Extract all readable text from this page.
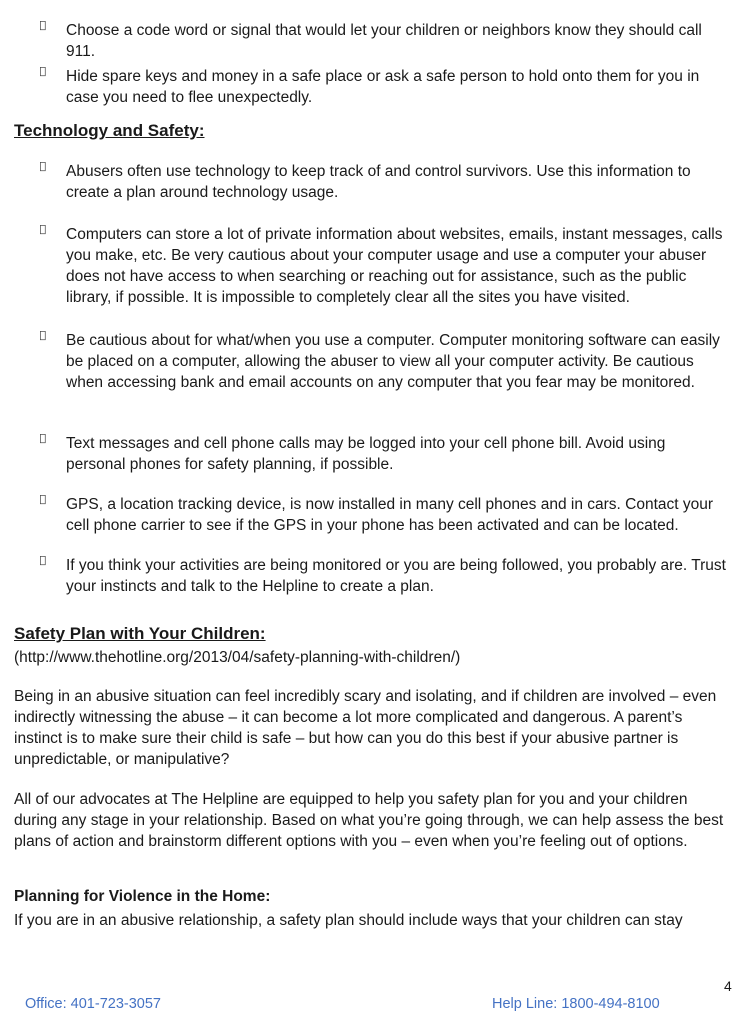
Choose a code word or signal that would let your children or neighbors know they should call 911.
Hide spare keys and money in a safe place or ask a safe person to hold onto them for you in case you need to flee unexpectedly.
Technology and Safety:
Abusers often use technology to keep track of and control survivors. Use this information to create a plan around technology usage.
Computers can store a lot of private information about websites, emails, instant messages, calls you make, etc. Be very cautious about your computer usage and use a computer your abuser does not have access to when searching or reaching out for assistance, such as the public library, if possible. It is impossible to completely clear all the sites you have visited.
Be cautious about for what/when you use a computer. Computer monitoring software can easily be placed on a computer, allowing the abuser to view all your computer activity. Be cautious when accessing bank and email accounts on any computer that you fear may be monitored.
Text messages and cell phone calls may be logged into your cell phone bill. Avoid using personal phones for safety planning, if possible.
GPS, a location tracking device, is now installed in many cell phones and in cars. Contact your cell phone carrier to see if the GPS in your phone has been activated and can be located.
If you think your activities are being monitored or you are being followed, you probably are. Trust your instincts and talk to the Helpline to create a plan.
Safety Plan with Your Children:
(http://www.thehotline.org/2013/04/safety-planning-with-children/)
Being in an abusive situation can feel incredibly scary and isolating, and if children are involved – even indirectly witnessing the abuse – it can become a lot more complicated and dangerous. A parent’s instinct is to make sure their child is safe – but how can you do this best if your abusive partner is unpredictable, or manipulative?
All of our advocates at The Helpline are equipped to help you safety plan for you and your children during any stage in your relationship. Based on what you’re going through, we can help assess the best plans of action and brainstorm different options with you – even when you’re feeling out of options.
Planning for Violence in the Home:
If you are in an abusive relationship, a safety plan should include ways that your children can stay
4
Office: 401-723-3057	Help Line: 1800-494-8100
